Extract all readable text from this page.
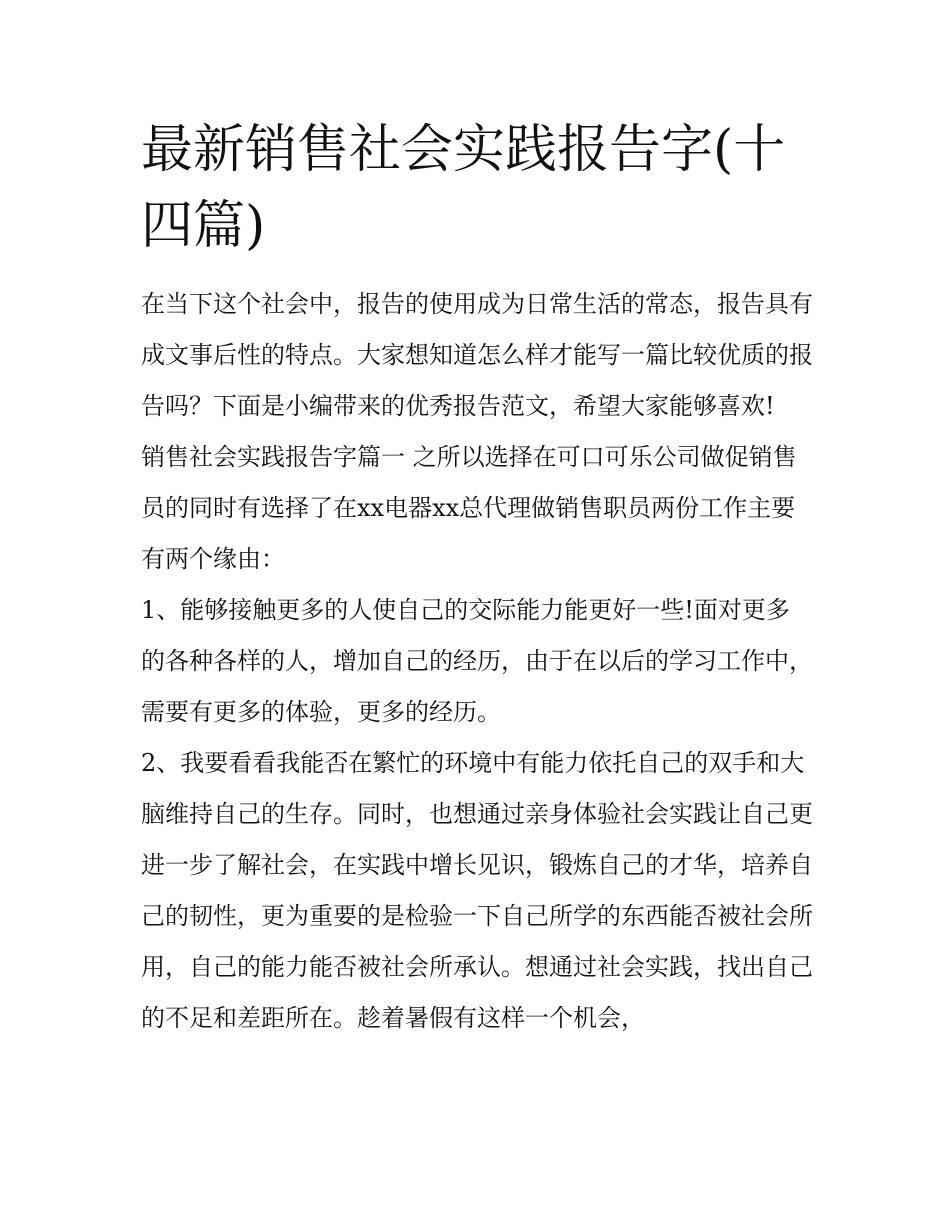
最新销售社会实践报告字(十四篇)

在当下这个社会中，报告的使用成为日常生活的常态，报告具有成文事后性的特点。大家想知道怎么样才能写一篇比较优质的报告吗？下面是小编带来的优秀报告范文，希望大家能够喜欢!

销售社会实践报告字篇一 之所以选择在可口可乐公司做促销售员的同时有选择了在xx电器xx总代理做销售职员两份工作主要有两个缘由：

1、能够接触更多的人使自己的交际能力能更好一些!面对更多的各种各样的人，增加自己的经历，由于在以后的学习工作中，需要有更多的体验，更多的经历。

2、我要看看我能否在繁忙的环境中有能力依托自己的双手和大脑维持自己的生存。同时，也想通过亲身体验社会实践让自己更进一步了解社会，在实践中增长见识，锻炼自己的才华，培养自己的韧性，更为重要的是检验一下自己所学的东西能否被社会所用，自己的能力能否被社会所承认。想通过社会实践，找出自己的不足和差距所在。趁着暑假有这样一个机会，
